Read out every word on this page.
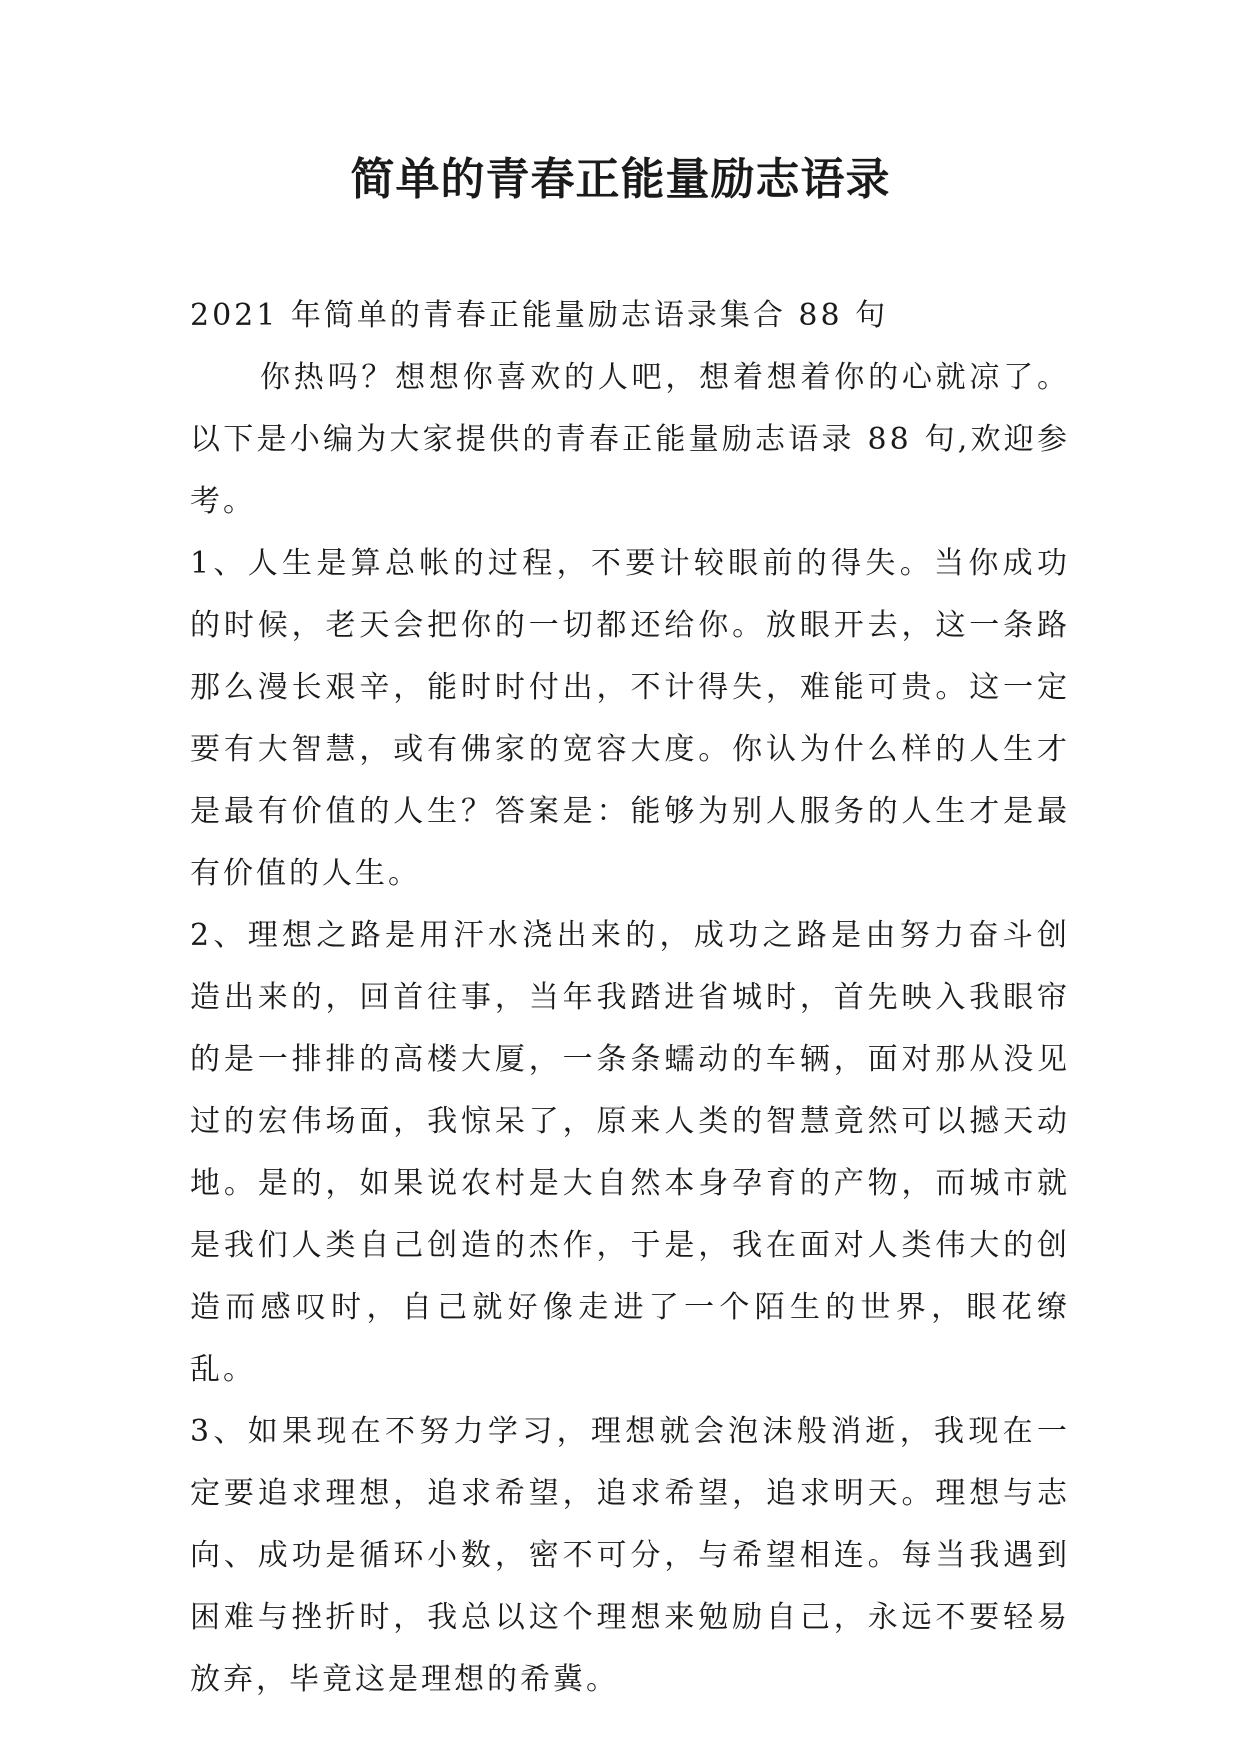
简单的青春正能量励志语录

2021 年简单的青春正能量励志语录集合 88 句

你热吗？想想你喜欢的人吧，想着想着你的心就凉了。以下是小编为大家提供的青春正能量励志语录 88 句,欢迎参考。

1、人生是算总帐的过程，不要计较眼前的得失。当你成功的时候，老天会把你的一切都还给你。放眼开去，这一条路那么漫长艰辛，能时时付出，不计得失，难能可贵。这一定要有大智慧，或有佛家的宽容大度。你认为什么样的人生才是最有价值的人生？答案是：能够为别人服务的人生才是最有价值的人生。

2、理想之路是用汗水浇出来的，成功之路是由努力奋斗创造出来的，回首往事，当年我踏进省城时，首先映入我眼帘的是一排排的高楼大厦，一条条蠕动的车辆，面对那从没见过的宏伟场面，我惊呆了，原来人类的智慧竟然可以撼天动地。是的，如果说农村是大自然本身孕育的产物，而城市就是我们人类自己创造的杰作，于是，我在面对人类伟大的创造而感叹时，自己就好像走进了一个陌生的世界，眼花缭乱。

3、如果现在不努力学习，理想就会泡沫般消逝，我现在一定要追求理想，追求希望，追求希望，追求明天。理想与志向、成功是循环小数，密不可分，与希望相连。每当我遇到困难与挫折时，我总以这个理想来勉励自己，永远不要轻易放弃，毕竟这是理想的希冀。
